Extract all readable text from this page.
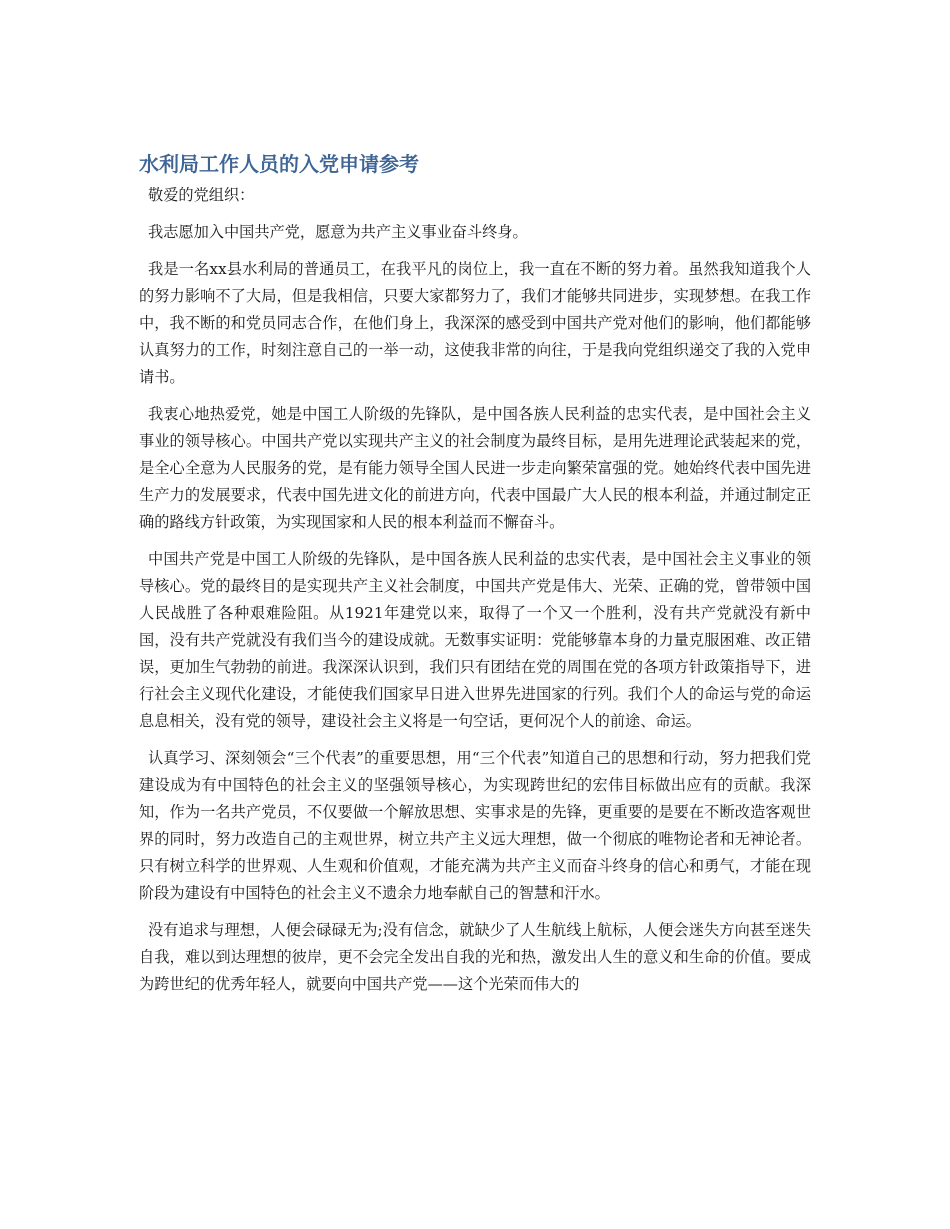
水利局工作人员的入党申请参考

敬爱的党组织：

我志愿加入中国共产党，愿意为共产主义事业奋斗终身。

我是一名xx县水利局的普通员工，在我平凡的岗位上，我一直在不断的努力着。虽然我知道我个人的努力影响不了大局，但是我相信，只要大家都努力了，我们才能够共同进步，实现梦想。在我工作中，我不断的和党员同志合作，在他们身上，我深深的感受到中国共产党对他们的影响，他们都能够认真努力的工作，时刻注意自己的一举一动，这使我非常的向往，于是我向党组织递交了我的入党申请书。

我衷心地热爱党，她是中国工人阶级的先锋队，是中国各族人民利益的忠实代表，是中国社会主义事业的领导核心。中国共产党以实现共产主义的社会制度为最终目标，是用先进理论武装起来的党，是全心全意为人民服务的党，是有能力领导全国人民进一步走向繁荣富强的党。她始终代表中国先进生产力的发展要求，代表中国先进文化的前进方向，代表中国最广大人民的根本利益，并通过制定正确的路线方针政策，为实现国家和人民的根本利益而不懈奋斗。

中国共产党是中国工人阶级的先锋队，是中国各族人民利益的忠实代表，是中国社会主义事业的领导核心。党的最终目的是实现共产主义社会制度，中国共产党是伟大、光荣、正确的党，曾带领中国人民战胜了各种艰难险阻。从1921年建党以来，取得了一个又一个胜利，没有共产党就没有新中国，没有共产党就没有我们当今的建设成就。无数事实证明：党能够靠本身的力量克服困难、改正错误，更加生气勃勃的前进。我深深认识到，我们只有团结在党的周围在党的各项方针政策指导下，进行社会主义现代化建设，才能使我们国家早日进入世界先进国家的行列。我们个人的命运与党的命运息息相关，没有党的领导，建设社会主义将是一句空话，更何况个人的前途、命运。

认真学习、深刻领会“三个代表”的重要思想，用“三个代表”知道自己的思想和行动，努力把我们党建设成为有中国特色的社会主义的坚强领导核心，为实现跨世纪的宏伟目标做出应有的贡献。我深知，作为一名共产党员，不仅要做一个解放思想、实事求是的先锋，更重要的是要在不断改造客观世界的同时，努力改造自己的主观世界，树立共产主义远大理想，做一个彻底的唯物论者和无神论者。只有树立科学的世界观、人生观和价值观，才能充满为共产主义而奋斗终身的信心和勇气，才能在现阶段为建设有中国特色的社会主义不遗余力地奉献自己的智慧和汗水。

没有追求与理想，人便会碌碌无为;没有信念，就缺少了人生航线上航标，人便会迷失方向甚至迷失自我，难以到达理想的彼岸，更不会完全发出自我的光和热，激发出人生的意义和生命的价值。要成为跨世纪的优秀年轻人，就要向中国共产党——这个光荣而伟大的
